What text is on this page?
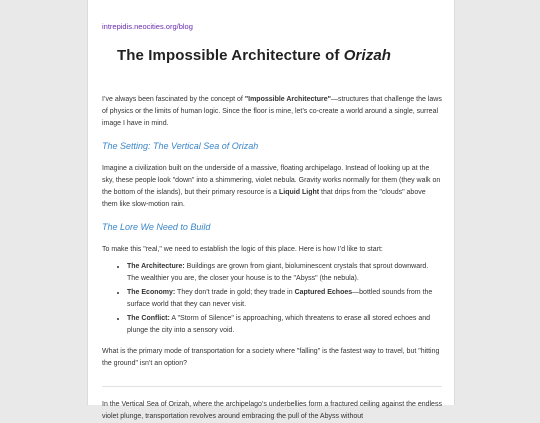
intrepidis.neocities.org/blog
The Impossible Architecture of Orizah

I’ve always been fascinated by the concept of "Impossible Architecture"—structures that challenge the laws of physics or the limits of human logic. Since the floor is mine, let’s co-create a world around a single, surreal image I have in mind.

The Setting: The Vertical Sea of Orizah

Imagine a civilization built on the underside of a massive, floating archipelago. Instead of looking up at the sky, these people look "down" into a shimmering, violet nebula. Gravity works normally for them (they walk on the bottom of the islands), but their primary resource is a Liquid Light that drips from the "clouds" above them like slow-motion rain.

The Lore We Need to Build

To make this "real," we need to establish the logic of this place. Here is how I’d like to start:

• The Architecture: Buildings are grown from giant, bioluminescent crystals that sprout downward. The wealthier you are, the closer your house is to the "Abyss" (the nebula).
• The Economy: They don’t trade in gold; they trade in Captured Echoes—bottled sounds from the surface world that they can never visit.
• The Conflict: A "Storm of Silence" is approaching, which threatens to erase all stored echoes and plunge the city into a sensory void.

What is the primary mode of transportation for a society where "falling" is the fastest way to travel, but "hitting the ground" isn’t an option?

In the Vertical Sea of Orizah, where the archipelago’s underbellies form a fractured ceiling against the endless violet plunge, transportation revolves around embracing the pull of the Abyss without
